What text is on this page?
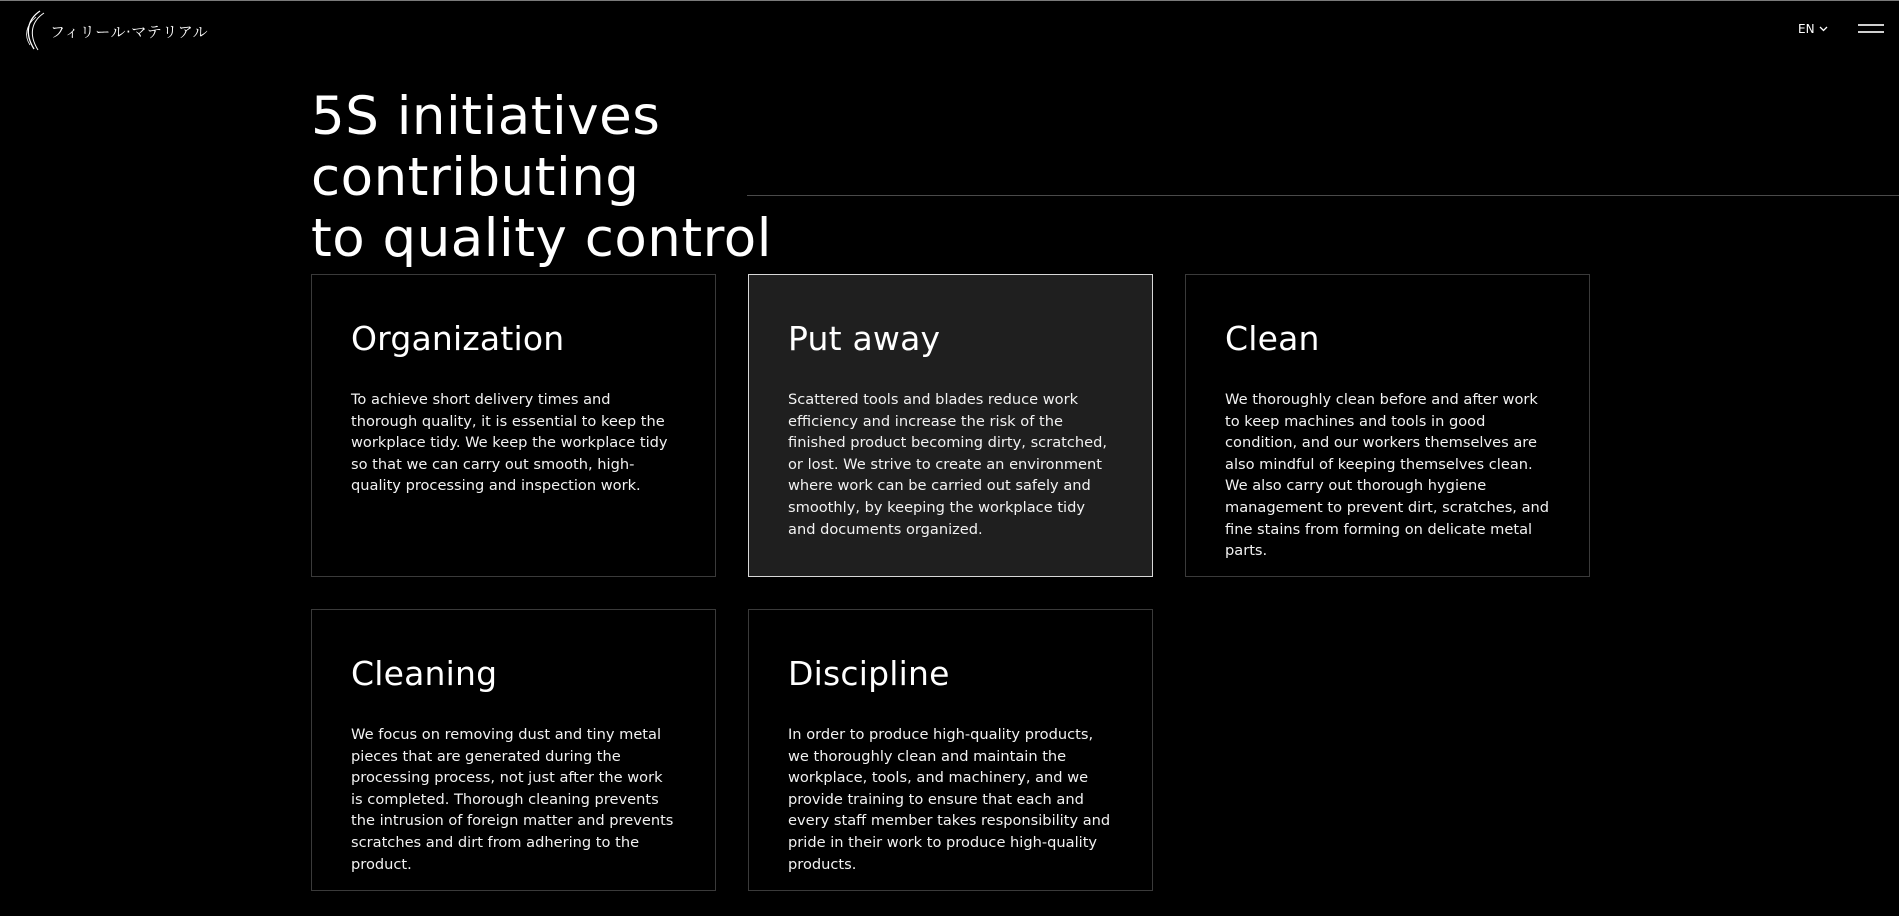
フィリール·マテリアル	EN
5S initiatives contributing
to quality control
Organization

To achieve short delivery times and thorough quality, it is essential to keep the workplace tidy. We keep the workplace tidy so that we can carry out smooth, high-quality processing and inspection work.

Put away

Scattered tools and blades reduce work efficiency and increase the risk of the finished product becoming dirty, scratched, or lost. We strive to create an environment where work can be carried out safely and smoothly, by keeping the workplace tidy and documents organized.

Clean

We thoroughly clean before and after work to keep machines and tools in good condition, and our workers themselves are also mindful of keeping themselves clean. We also carry out thorough hygiene management to prevent dirt, scratches, and fine stains from forming on delicate metal parts.

Cleaning

We focus on removing dust and tiny metal pieces that are generated during the processing process, not just after the work is completed. Thorough cleaning prevents the intrusion of foreign matter and prevents scratches and dirt from adhering to the product.

Discipline

In order to produce high-quality products, we thoroughly clean and maintain the workplace, tools, and machinery, and we provide training to ensure that each and every staff member takes responsibility and pride in their work to produce high-quality products.
